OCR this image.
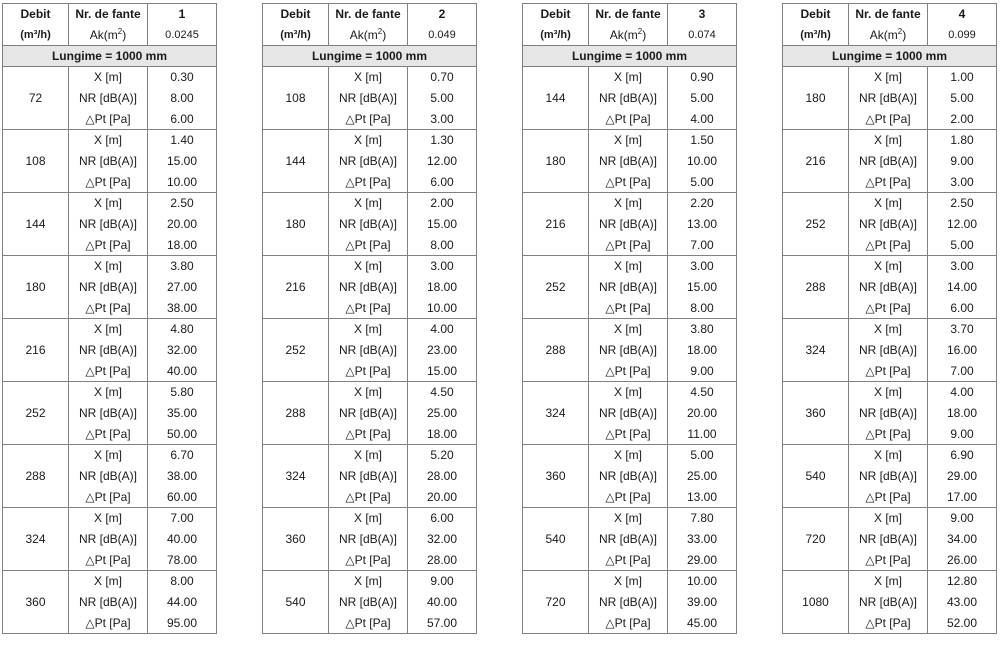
Debit	Nr. de fante	1
(m³/h)	$Ak(m^2)$	0.0245
Lungime = 1000 mm		
72	X [m]	0.30
	NR [dB(A)]	8.00
	△Pt [Pa]	6.00
108	X [m]	1.40
	NR [dB(A)]	15.00
	△Pt [Pa]	10.00
144	X [m]	2.50
	NR [dB(A)]	20.00
	△Pt [Pa]	18.00
180	X [m]	3.80
	NR [dB(A)]	27.00
	△Pt [Pa]	38.00
216	X [m]	4.80
	NR [dB(A)]	32.00
	△Pt [Pa]	40.00
252	X [m]	5.80
	NR [dB(A)]	35.00
	△Pt [Pa]	50.00
288	X [m]	6.70
	NR [dB(A)]	38.00
	△Pt [Pa]	60.00
324	X [m]	7.00
	NR [dB(A)]	40.00
	△Pt [Pa]	78.00
360	X [m]	8.00
	NR [dB(A)]	44.00
	△Pt [Pa]	95.00
Debit	Nr. de fante	2
(m³/h)	$Ak(m^2)$	0.049
Lungime = 1000 mm		
108	X [m]	0.70
	NR [dB(A)]	5.00
	△Pt [Pa]	3.00
144	X [m]	1.30
	NR [dB(A)]	12.00
	△Pt [Pa]	6.00
180	X [m]	2.00
	NR [dB(A)]	15.00
	△Pt [Pa]	8.00
216	X [m]	3.00
	NR [dB(A)]	18.00
	△Pt [Pa]	10.00
252	X [m]	4.00
	NR [dB(A)]	23.00
	△Pt [Pa]	15.00
288	X [m]	4.50
	NR [dB(A)]	25.00
	△Pt [Pa]	18.00
324	X [m]	5.20
	NR [dB(A)]	28.00
	△Pt [Pa]	20.00
360	X [m]	6.00
	NR [dB(A)]	32.00
	△Pt [Pa]	28.00
540	X [m]	9.00
	NR [dB(A)]	40.00
	△Pt [Pa]	57.00
Debit	Nr. de fante	3
(m³/h)	$Ak(m^2)$	0.074
Lungime = 1000 mm		
144	X [m]	0.90
	NR [dB(A)]	5.00
	△Pt [Pa]	4.00
180	X [m]	1.50
	NR [dB(A)]	10.00
	△Pt [Pa]	5.00
216	X [m]	2.20
	NR [dB(A)]	13.00
	△Pt [Pa]	7.00
252	X [m]	3.00
	NR [dB(A)]	15.00
	△Pt [Pa]	8.00
288	X [m]	3.80
	NR [dB(A)]	18.00
	△Pt [Pa]	9.00
324	X [m]	4.50
	NR [dB(A)]	20.00
	△Pt [Pa]	11.00
360	X [m]	5.00
	NR [dB(A)]	25.00
	△Pt [Pa]	13.00
540	X [m]	7.80
	NR [dB(A)]	33.00
	△Pt [Pa]	29.00
720	X [m]	10.00
	NR [dB(A)]	39.00
	△Pt [Pa]	45.00
Debit	Nr. de fante	4
(m³/h)	$Ak(m^2)$	0.099
Lungime = 1000 mm		
180	X [m]	1.00
	NR [dB(A)]	5.00
	△Pt [Pa]	2.00
216	X [m]	1.80
	NR [dB(A)]	9.00
	△Pt [Pa]	3.00
252	X [m]	2.50
	NR [dB(A)]	12.00
	△Pt [Pa]	5.00
288	X [m]	3.00
	NR [dB(A)]	14.00
	△Pt [Pa]	6.00
324	X [m]	3.70
	NR [dB(A)]	16.00
	△Pt [Pa]	7.00
360	X [m]	4.00
	NR [dB(A)]	18.00
	△Pt [Pa]	9.00
540	X [m]	6.90
	NR [dB(A)]	29.00
	△Pt [Pa]	17.00
720	X [m]	9.00
	NR [dB(A)]	34.00
	△Pt [Pa]	26.00
1080	X [m]	12.80
	NR [dB(A)]	43.00
	△Pt [Pa]	52.00
